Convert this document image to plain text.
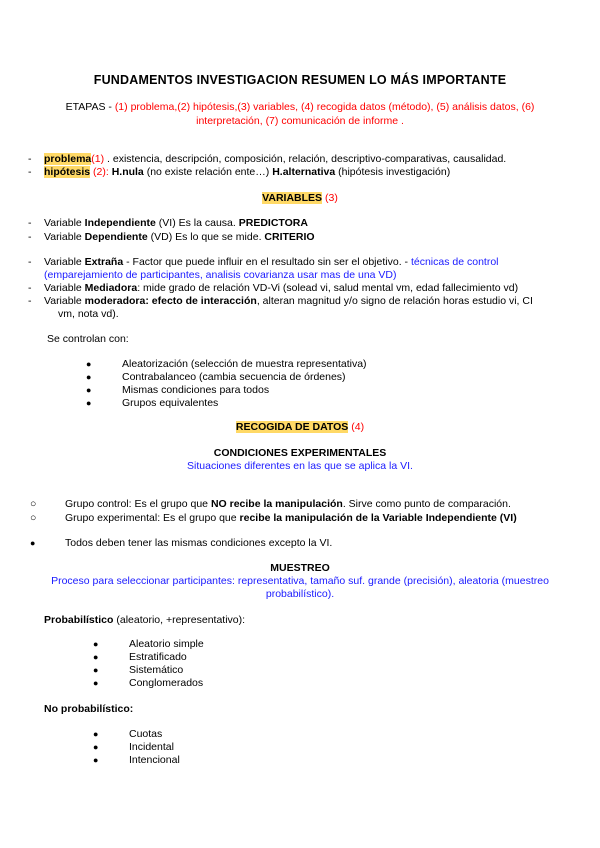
FUNDAMENTOS INVESTIGACION RESUMEN LO MÁS IMPORTANTE
ETAPAS - (1) problema,(2) hipótesis,(3) variables, (4) recogida datos (método), (5) análisis datos, (6)
interpretación, (7) comunicación de informe .
- problema(1) . existencia, descripción, composición, relación, descriptivo-comparativas, causalidad.
- hipótesis (2): H.nula (no existe relación ente…) H.alternativa (hipótesis investigación)
VARIABLES (3)
- Variable Independiente (VI) Es la causa. PREDICTORA
- Variable Dependiente (VD) Es lo que se mide. CRITERIO
- Variable Extraña - Factor que puede influir en el resultado sin ser el objetivo. - técnicas de control
(emparejamiento de participantes, analisis covarianza usar mas de una VD)
- Variable Mediadora: mide grado de relación VD-Vi (solead vi, salud mental vm, edad fallecimiento vd)
- Variable moderadora: efecto de interacción, alteran magnitud y/o signo de relación horas estudio vi, CI
vm, nota vd).
Se controlan con:
●	Aleatorización (selección de muestra representativa)
●	Contrabalanceo (cambia secuencia de órdenes)
●	Mismas condiciones para todos
●	Grupos equivalentes
RECOGIDA DE DATOS (4)
CONDICIONES EXPERIMENTALES
Situaciones diferentes en las que se aplica la VI.
○	Grupo control: Es el grupo que NO recibe la manipulación. Sirve como punto de comparación.
○	Grupo experimental: Es el grupo que recibe la manipulación de la Variable Independiente (VI)
●	Todos deben tener las mismas condiciones excepto la VI.
MUESTREO
Proceso para seleccionar participantes: representativa, tamaño suf. grande (precisión), aleatoria (muestreo
probabilístico).
Probabilístico (aleatorio, +representativo):
●	Aleatorio simple
●	Estratificado
●	Sistemático
●	Conglomerados
No probabilístico:
●	Cuotas
●	Incidental
●	Intencional
